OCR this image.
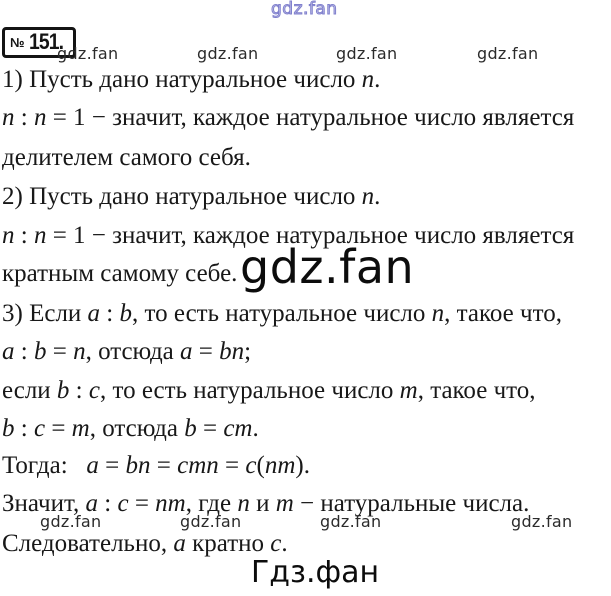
gdz.fan
№ 151.
1) Пусть дано натуральное число n.
n : n = 1 − значит, каждое натуральное число является
делителем самого себя.
2) Пусть дано натуральное число n.
n : n = 1 − значит, каждое натуральное число является
кратным самому себе.
3) Если a : b, то есть натуральное число n, такое что,
a : b = n, отсюда a = bn;
если b : c, то есть натуральное число m, такое что,
b : c = m, отсюда b = cm.
Тогда:   a = bn = cmn = c(nm).
Значит, a : c = nm, где n и m − натуральные числа.
Следовательно, a кратно c.
gdz.fan
Гдз.фан
gdz.fan	gdz.fan	gdz.fan	gdz.fan
gdz.fan	gdz.fan	gdz.fan	gdz.fan
